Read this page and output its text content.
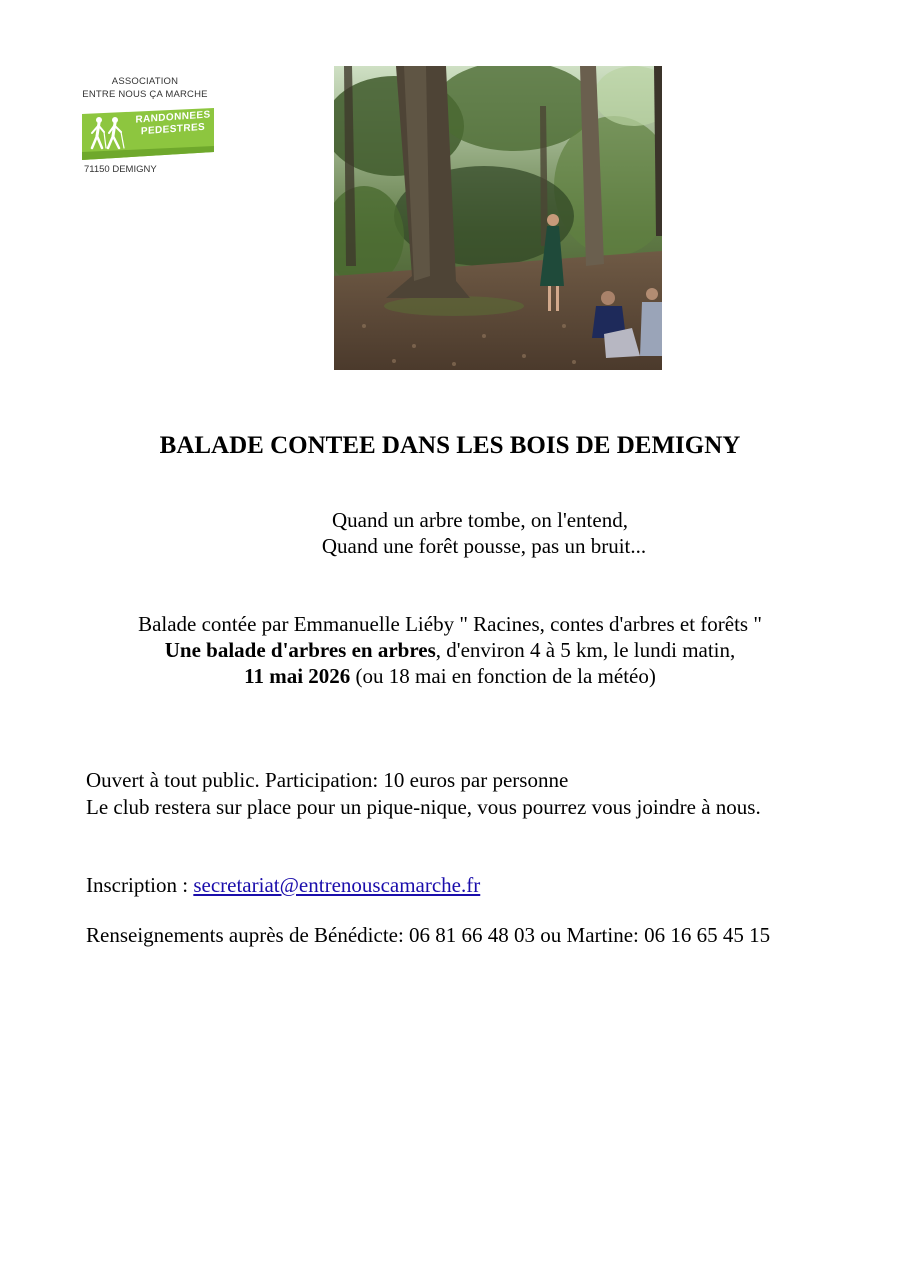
ASSOCIATION
ENTRE NOUS ÇA MARCHE
RANDONNEES
PEDESTRES
71150 DEMIGNY
BALADE CONTEE DANS LES BOIS DE DEMIGNY
Quand un arbre tombe, on l'entend,
Quand une forêt pousse, pas un bruit...
Balade contée par Emmanuelle Liéby " Racines, contes d'arbres et forêts "
Une balade d'arbres en arbres, d'environ 4 à 5 km, le lundi matin,
11 mai 2026 (ou 18 mai en fonction de la météo)
Ouvert à tout public. Participation: 10 euros par personne
Le club restera sur place pour un pique-nique, vous pourrez vous joindre à nous.
Inscription : secretariat@entrenouscamarche.fr
Renseignements auprès de Bénédicte: 06 81 66 48 03 ou Martine: 06 16 65 45 15
